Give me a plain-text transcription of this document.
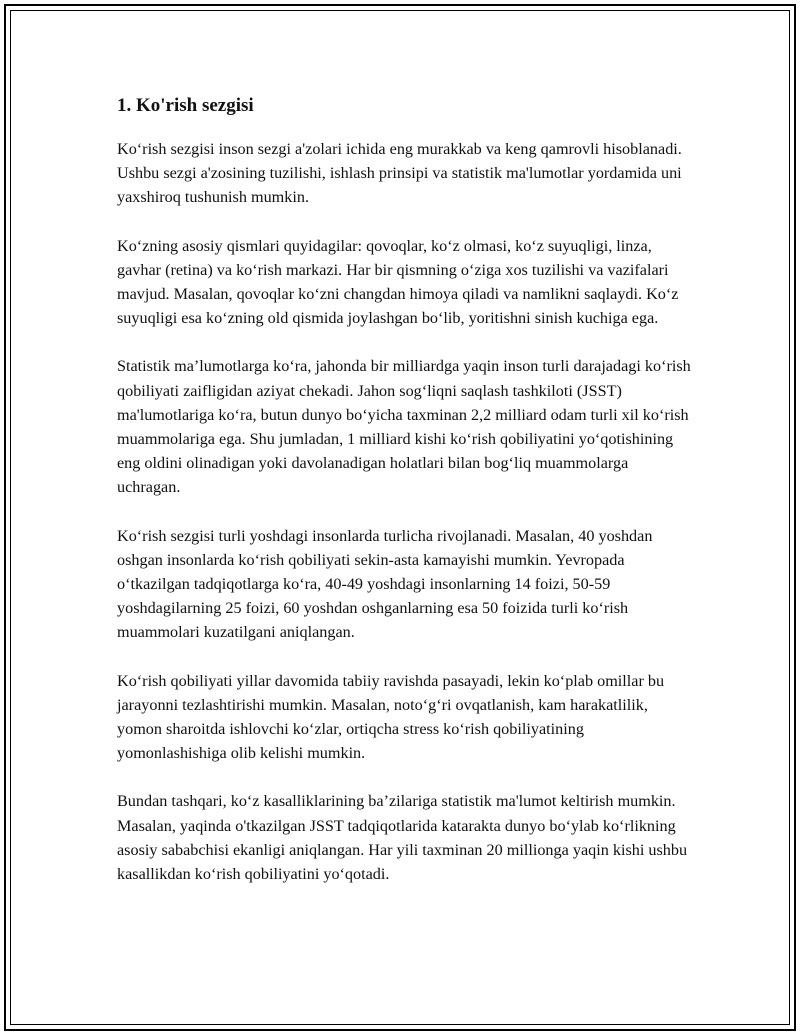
1. Ko'rish sezgisi

Ko‘rish sezgisi inson sezgi a'zolari ichida eng murakkab va keng qamrovli hisoblanadi. Ushbu sezgi a'zosining tuzilishi, ishlash prinsipi va statistik ma'lumotlar yordamida uni yaxshiroq tushunish mumkin.

Ko‘zning asosiy qismlari quyidagilar: qovoqlar, ko‘z olmasi, ko‘z suyuqligi, linza, gavhar (retina) va ko‘rish markazi. Har bir qismning o‘ziga xos tuzilishi va vazifalari mavjud. Masalan, qovoqlar ko‘zni changdan himoya qiladi va namlikni saqlaydi. Ko‘z suyuqligi esa ko‘zning old qismida joylashgan bo‘lib, yoritishni sinish kuchiga ega.

Statistik ma’lumotlarga ko‘ra, jahonda bir milliardga yaqin inson turli darajadagi ko‘rish qobiliyati zaifligidan aziyat chekadi. Jahon sog‘liqni saqlash tashkiloti (JSST) ma'lumotlariga ko‘ra, butun dunyo bo‘yicha taxminan 2,2 milliard odam turli xil ko‘rish muammolariga ega. Shu jumladan, 1 milliard kishi ko‘rish qobiliyatini yo‘qotishining eng oldini olinadigan yoki davolanadigan holatlari bilan bog‘liq muammolarga uchragan.

Ko‘rish sezgisi turli yoshdagi insonlarda turlicha rivojlanadi. Masalan, 40 yoshdan oshgan insonlarda ko‘rish qobiliyati sekin-asta kamayishi mumkin. Yevropada o‘tkazilgan tadqiqotlarga ko‘ra, 40-49 yoshdagi insonlarning 14 foizi, 50-59 yoshdagilarning 25 foizi, 60 yoshdan oshganlarning esa 50 foizida turli ko‘rish muammolari kuzatilgani aniqlangan.

Ko‘rish qobiliyati yillar davomida tabiiy ravishda pasayadi, lekin ko‘plab omillar bu jarayonni tezlashtirishi mumkin. Masalan, noto‘g‘ri ovqatlanish, kam harakatlilik, yomon sharoitda ishlovchi ko‘zlar, ortiqcha stress ko‘rish qobiliyatining yomonlashishiga olib kelishi mumkin.

Bundan tashqari, ko‘z kasalliklarining ba’zilariga statistik ma'lumot keltirish mumkin. Masalan, yaqinda o'tkazilgan JSST tadqiqotlarida katarakta dunyo bo‘ylab ko‘rlikning asosiy sababchisi ekanligi aniqlangan. Har yili taxminan 20 millionga yaqin kishi ushbu kasallikdan ko‘rish qobiliyatini yo‘qotadi.
